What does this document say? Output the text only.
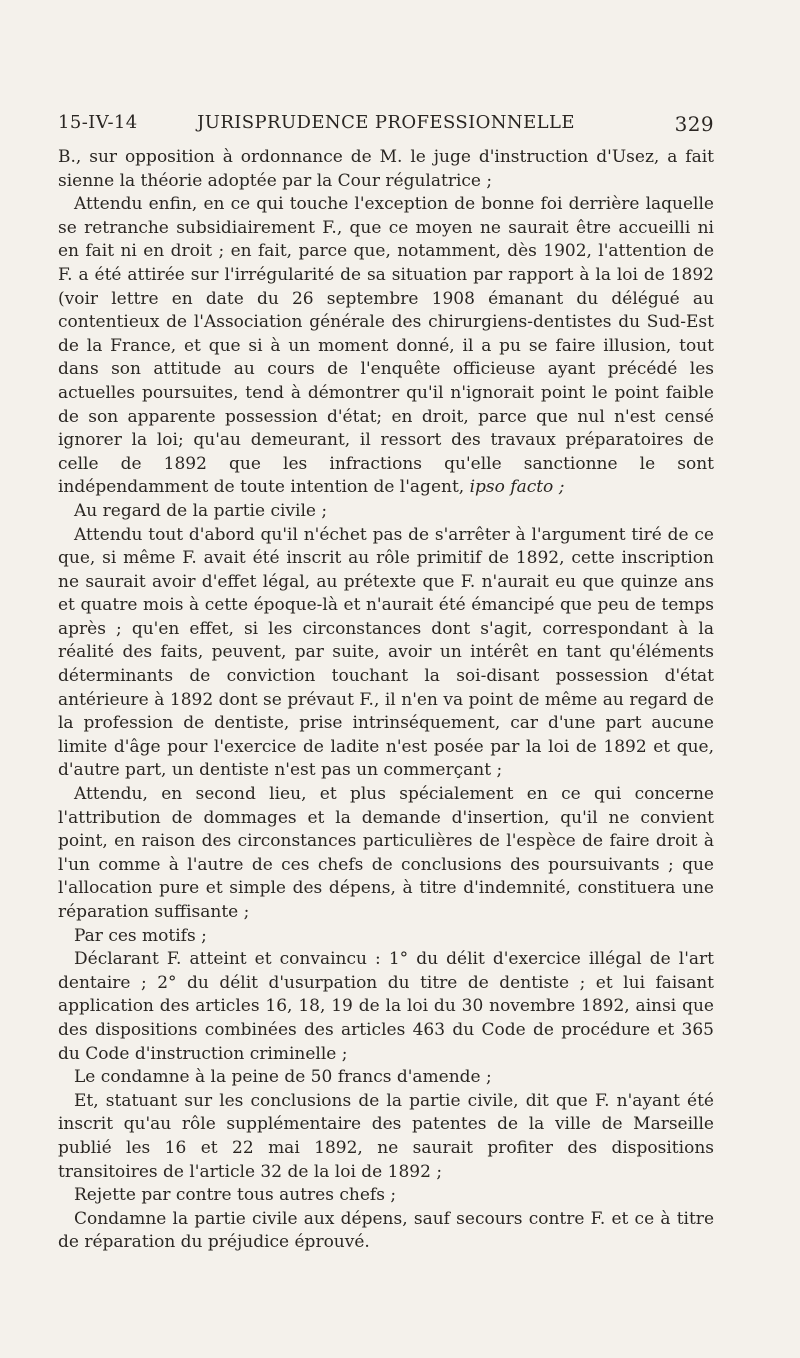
15-IV-14	JURISPRUDENCE PROFESSIONNELLE	329

B., sur opposition à ordonnance de M. le juge d'instruction d'Usez, a fait sienne la théorie adoptée par la Cour régulatrice ;

Attendu enfin, en ce qui touche l'exception de bonne foi derrière laquelle se retranche subsidiairement F., que ce moyen ne saurait être accueilli ni en fait ni en droit ; en fait, parce que, notamment, dès 1902, l'attention de F. a été attirée sur l'irrégularité de sa situation par rapport à la loi de 1892 (voir lettre en date du 26 septembre 1908 émanant du délégué au contentieux de l'Association générale des chirurgiens-dentistes du Sud-Est de la France, et que si à un moment donné, il a pu se faire illusion, tout dans son attitude au cours de l'enquête officieuse ayant précédé les actuelles poursuites, tend à démontrer qu'il n'ignorait point le point faible de son apparente possession d'état; en droit, parce que nul n'est censé ignorer la loi; qu'au demeurant, il ressort des travaux préparatoires de celle de 1892 que les infractions qu'elle sanctionne le sont indépendamment de toute intention de l'agent, ipso facto ;

Au regard de la partie civile ;

Attendu tout d'abord qu'il n'échet pas de s'arrêter à l'argument tiré de ce que, si même F. avait été inscrit au rôle primitif de 1892, cette inscription ne saurait avoir d'effet légal, au prétexte que F. n'aurait eu que quinze ans et quatre mois à cette époque-là et n'aurait été émancipé que peu de temps après ; qu'en effet, si les circonstances dont s'agit, correspondant à la réalité des faits, peuvent, par suite, avoir un intérêt en tant qu'éléments déterminants de conviction touchant la soi-disant possession d'état antérieure à 1892 dont se prévaut F., il n'en va point de même au regard de la profession de dentiste, prise intrinséquement, car d'une part aucune limite d'âge pour l'exercice de ladite n'est posée par la loi de 1892 et que, d'autre part, un dentiste n'est pas un commerçant ;

Attendu, en second lieu, et plus spécialement en ce qui concerne l'attribution de dommages et la demande d'insertion, qu'il ne convient point, en raison des circonstances particulières de l'espèce de faire droit à l'un comme à l'autre de ces chefs de conclusions des poursuivants ; que l'allocation pure et simple des dépens, à titre d'indemnité, constituera une réparation suffisante ;

Par ces motifs ;

Déclarant F. atteint et convaincu : 1° du délit d'exercice illégal de l'art dentaire ; 2° du délit d'usurpation du titre de dentiste ; et lui faisant application des articles 16, 18, 19 de la loi du 30 novembre 1892, ainsi que des dispositions combinées des articles 463 du Code de procédure et 365 du Code d'instruction criminelle ;

Le condamne à la peine de 50 francs d'amende ;

Et, statuant sur les conclusions de la partie civile, dit que F. n'ayant été inscrit qu'au rôle supplémentaire des patentes de la ville de Marseille publié les 16 et 22 mai 1892, ne saurait profiter des dispositions transitoires de l'article 32 de la loi de 1892 ;

Rejette par contre tous autres chefs ;

Condamne la partie civile aux dépens, sauf secours contre F. et ce à titre de réparation du préjudice éprouvé.
